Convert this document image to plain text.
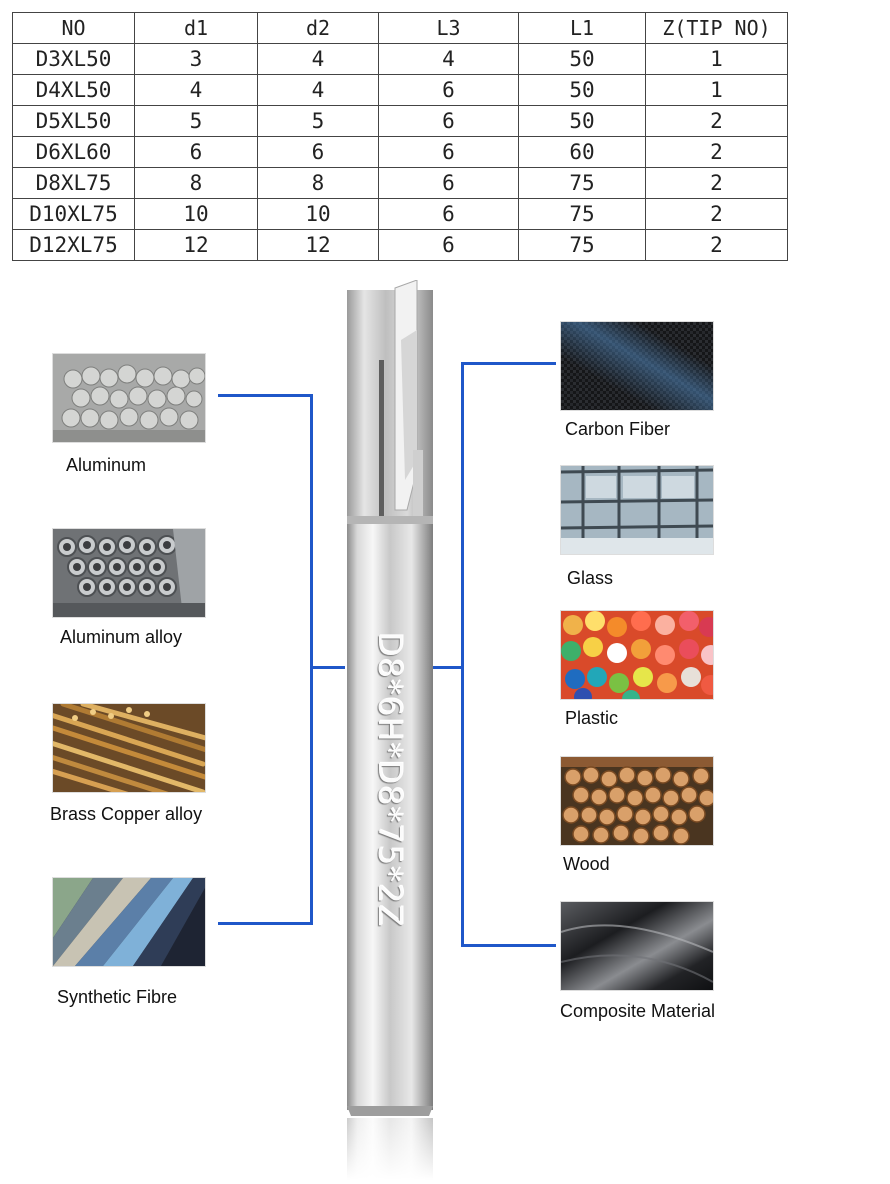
NO	d1	d2	L3	L1	Z(TIP NO)
D3XL50	3	4	4	50	1
D4XL50	4	4	6	50	1
D5XL50	5	5	6	50	2
D6XL60	6	6	6	60	2
D8XL75	8	8	6	75	2
D10XL75	10	10	6	75	2
D12XL75	12	12	6	75	2
D8*6H*D8*75*2Z
Aluminum
Aluminum alloy
Brass Copper alloy
Synthetic Fibre
Carbon Fiber
Glass
Plastic
Wood
Composite Material
